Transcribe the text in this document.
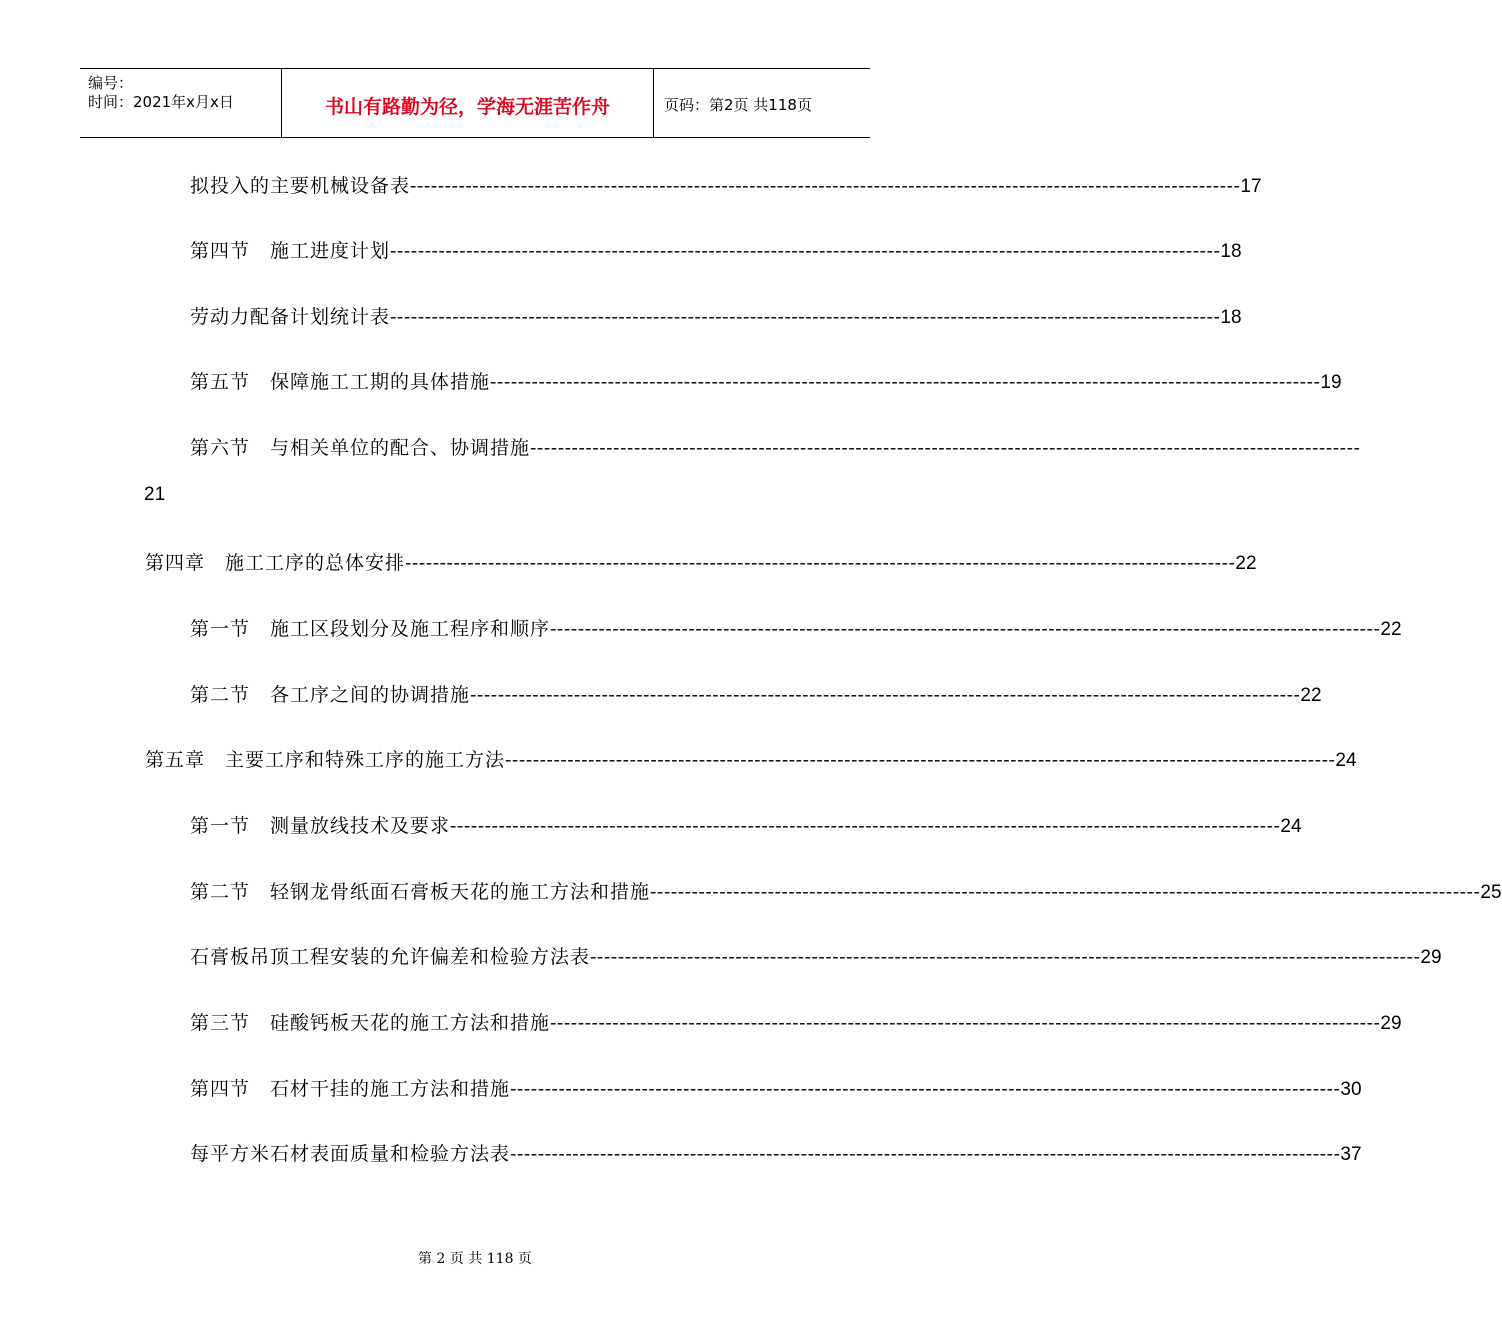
编号：
时间：2021年x月x日	书山有路勤为径，学海无涯苦作舟	页码：第2页 共118页
拟投入的主要机械设备表 ------------------------------------------------------------------------------------------------------------------------ 17
第四节　施工进度计划 ------------------------------------------------------------------------------------------------------------------------ 18
劳动力配备计划统计表 ------------------------------------------------------------------------------------------------------------------------ 18
第五节　保障施工工期的具体措施 ------------------------------------------------------------------------------------------------------------------------ 19
21
第六节　与相关单位的配合、协调措施 ------------------------------------------------------------------------------------------------------------------------
第四章　施工工序的总体安排 ------------------------------------------------------------------------------------------------------------------------ 22
第一节　施工区段划分及施工程序和顺序 ------------------------------------------------------------------------------------------------------------------------ 22
第二节　各工序之间的协调措施 ------------------------------------------------------------------------------------------------------------------------ 22
第五章　主要工序和特殊工序的施工方法 ------------------------------------------------------------------------------------------------------------------------ 24
第一节　测量放线技术及要求 ------------------------------------------------------------------------------------------------------------------------ 24
第二节　轻钢龙骨纸面石膏板天花的施工方法和措施 ------------------------------------------------------------------------------------------------------------------------ 25
石膏板吊顶工程安装的允许偏差和检验方法表 ------------------------------------------------------------------------------------------------------------------------ 29
第三节　硅酸钙板天花的施工方法和措施 ------------------------------------------------------------------------------------------------------------------------ 29
第四节　石材干挂的施工方法和措施 ------------------------------------------------------------------------------------------------------------------------ 30
每平方米石材表面质量和检验方法表 ------------------------------------------------------------------------------------------------------------------------ 37
第 2 页 共 118 页
